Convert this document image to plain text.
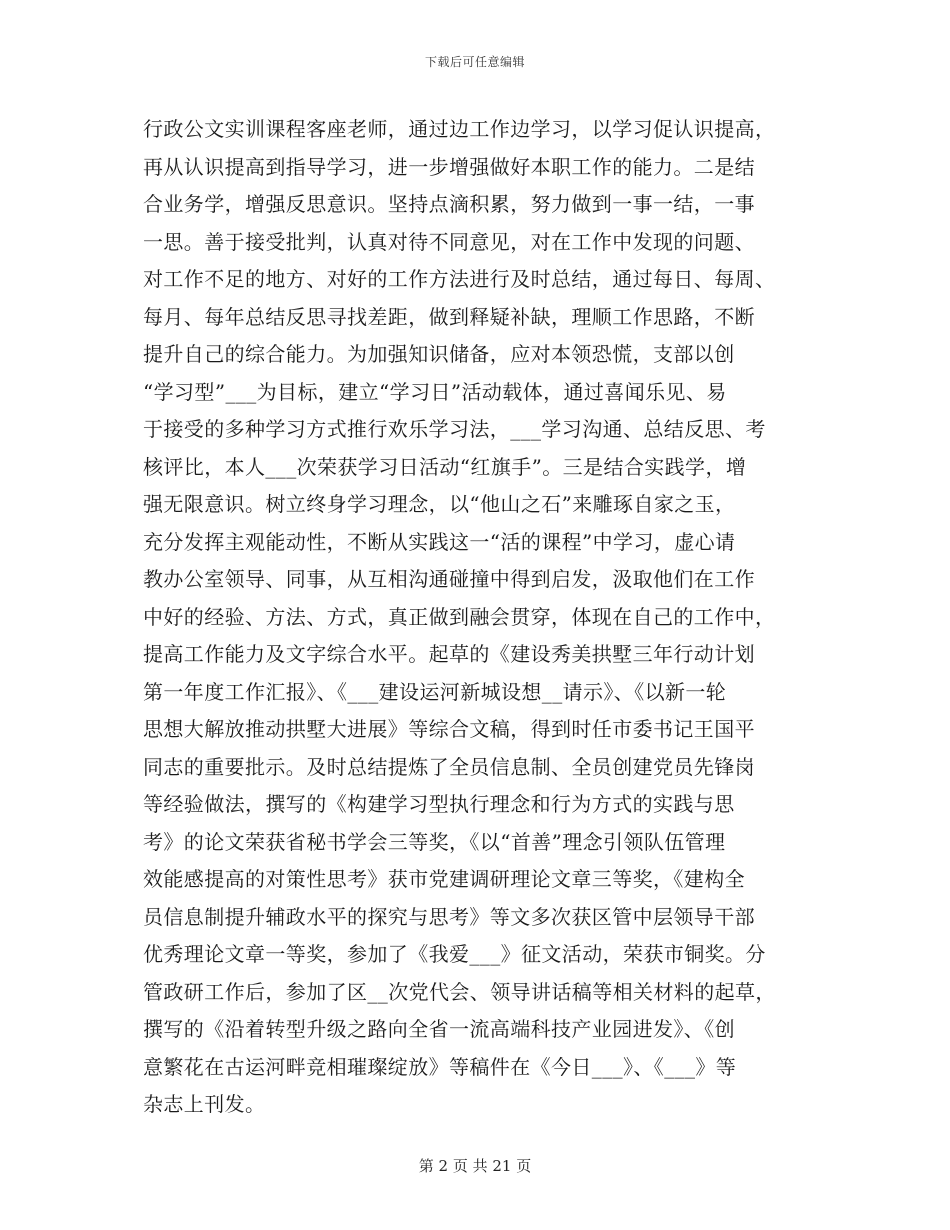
下载后可任意编辑
行政公文实训课程客座老师，通过边工作边学习，以学习促认识提高，
再从认识提高到指导学习，进一步增强做好本职工作的能力。二是结
合业务学，增强反思意识。坚持点滴积累，努力做到一事一结，一事
一思。善于接受批判，认真对待不同意见，对在工作中发现的问题、
对工作不足的地方、对好的工作方法进行及时总结，通过每日、每周、
每月、每年总结反思寻找差距，做到释疑补缺，理顺工作思路，不断
提升自己的综合能力。为加强知识储备，应对本领恐慌，支部以创
“学习型”___为目标，建立“学习日”活动载体，通过喜闻乐见、易
于接受的多种学习方式推行欢乐学习法，___学习沟通、总结反思、考
核评比，本人___次荣获学习日活动“红旗手”。三是结合实践学，增
强无限意识。树立终身学习理念，以“他山之石”来雕琢自家之玉，
充分发挥主观能动性，不断从实践这一“活的课程”中学习，虚心请
教办公室领导、同事，从互相沟通碰撞中得到启发，汲取他们在工作
中好的经验、方法、方式，真正做到融会贯穿，体现在自己的工作中，
提高工作能力及文字综合水平。起草的《建设秀美拱墅三年行动计划
第一年度工作汇报》、《___建设运河新城设想__请示》、《以新一轮
思想大解放推动拱墅大进展》等综合文稿，得到时任市委书记王国平
同志的重要批示。及时总结提炼了全员信息制、全员创建党员先锋岗
等经验做法，撰写的《构建学习型执行理念和行为方式的实践与思
考》的论文荣获省秘书学会三等奖，《以“首善”理念引领队伍管理
效能感提高的对策性思考》获市党建调研理论文章三等奖，《建构全
员信息制提升辅政水平的探究与思考》等文多次获区管中层领导干部
优秀理论文章一等奖，参加了《我爱___》征文活动，荣获市铜奖。分
管政研工作后，参加了区__次党代会、领导讲话稿等相关材料的起草，
撰写的《沿着转型升级之路向全省一流高端科技产业园进发》、《创
意繁花在古运河畔竞相璀璨绽放》等稿件在《今日___》、《___》等
杂志上刊发。
第 2 页 共 21 页
